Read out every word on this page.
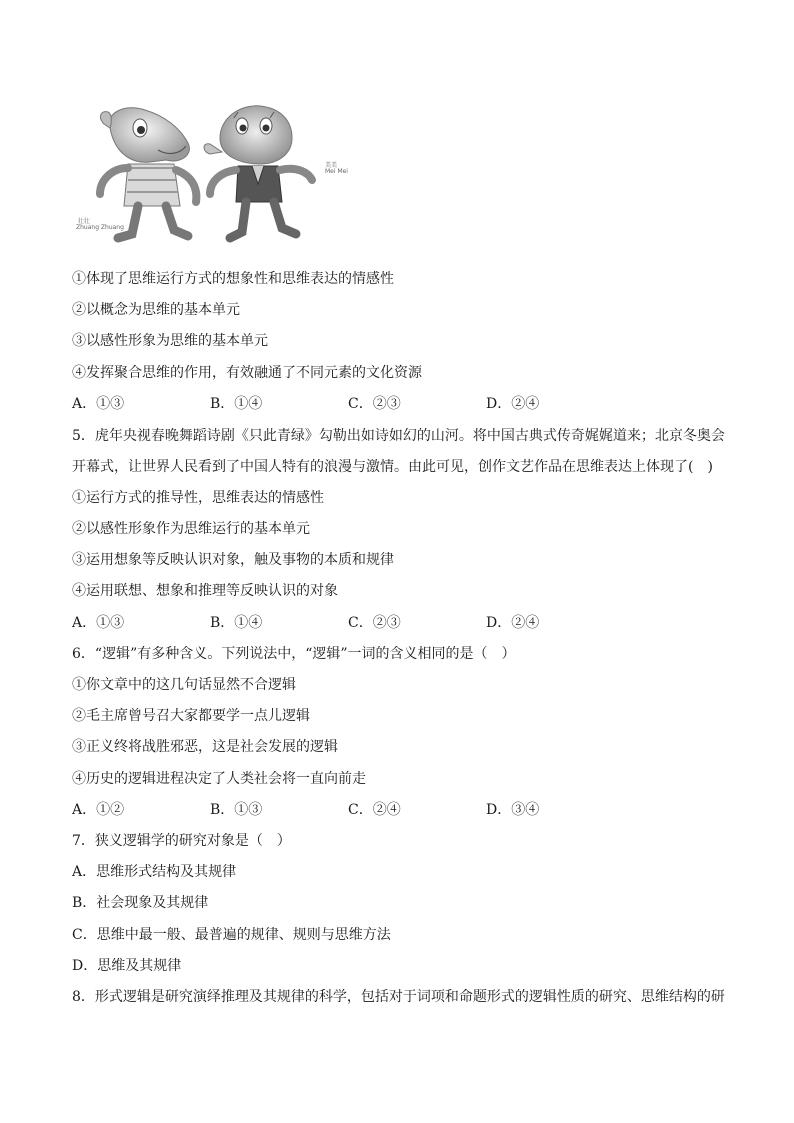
壮壮
Zhuang Zhuang
美美
Mei Mei
①体现了思维运行方式的想象性和思维表达的情感性
②以概念为思维的基本单元
③以感性形象为思维的基本单元
④发挥聚合思维的作用，有效融通了不同元素的文化资源
A．①③	B．①④	C．②③	D．②④
5．虎年央视春晚舞蹈诗剧《只此青绿》勾勒出如诗如幻的山河。将中国古典式传奇娓娓道来；北京冬奥会
开幕式，让世界人民看到了中国人特有的浪漫与激情。由此可见，创作文艺作品在思维表达上体现了(　)
①运行方式的推导性，思维表达的情感性
②以感性形象作为思维运行的基本单元
③运用想象等反映认识对象，触及事物的本质和规律
④运用联想、想象和推理等反映认识的对象
A．①③	B．①④	C．②③	D．②④
6．“逻辑”有多种含义。下列说法中，“逻辑”一词的含义相同的是（　）
①你文章中的这几句话显然不合逻辑
②毛主席曾号召大家都要学一点儿逻辑
③正义终将战胜邪恶，这是社会发展的逻辑
④历史的逻辑进程决定了人类社会将一直向前走
A．①②	B．①③	C．②④	D．③④
7．狭义逻辑学的研究对象是（　）
A．思维形式结构及其规律
B．社会现象及其规律
C．思维中最一般、最普遍的规律、规则与思维方法
D．思维及其规律
8．形式逻辑是研究演绎推理及其规律的科学，包括对于词项和命题形式的逻辑性质的研究、思维结构的研
